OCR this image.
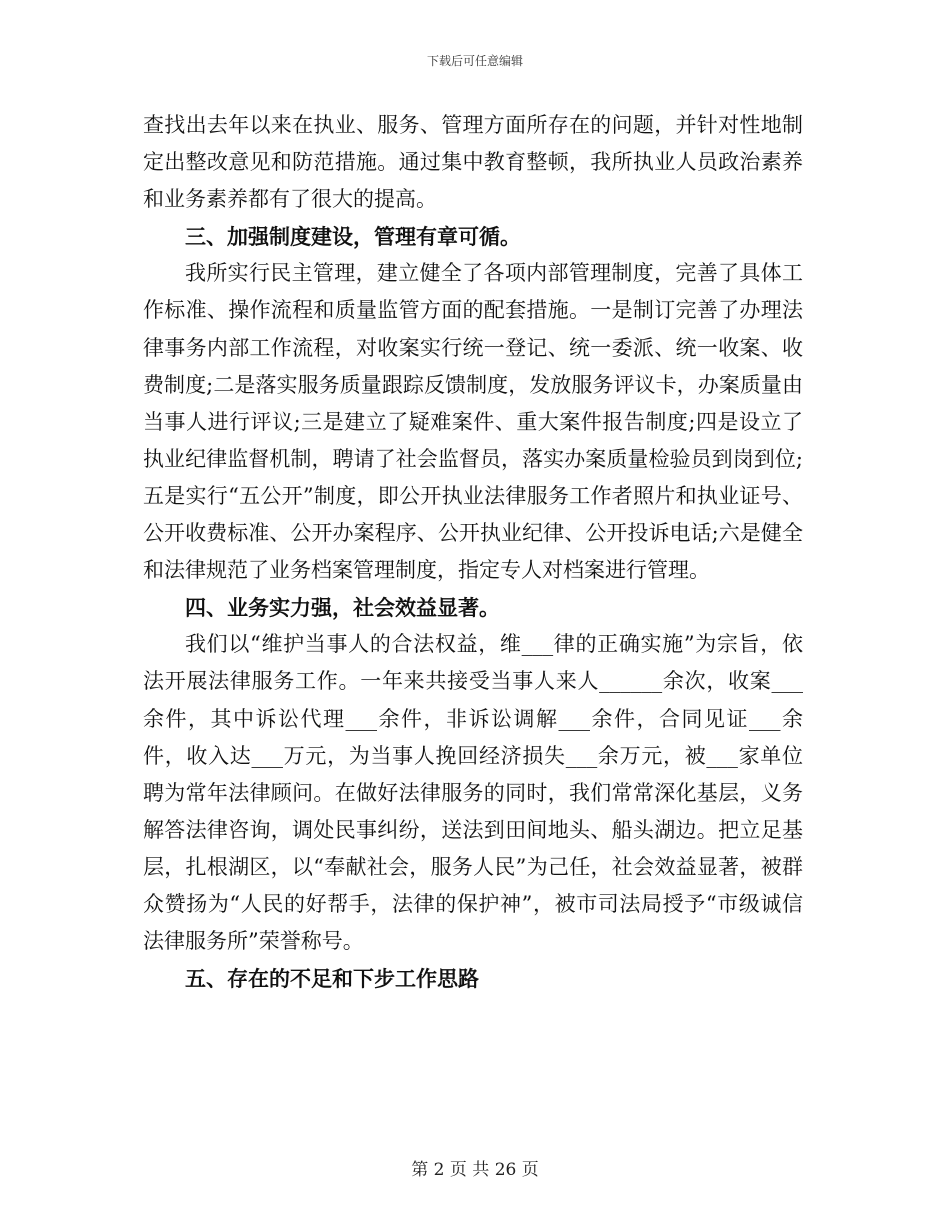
下载后可任意编辑

查找出去年以来在执业、服务、管理方面所存在的问题，并针对性地制定出整改意见和防范措施。通过集中教育整顿，我所执业人员政治素养和业务素养都有了很大的提高。

三、加强制度建设，管理有章可循。

我所实行民主管理，建立健全了各项内部管理制度，完善了具体工作标准、操作流程和质量监管方面的配套措施。一是制订完善了办理法律事务内部工作流程，对收案实行统一登记、统一委派、统一收案、收费制度;二是落实服务质量跟踪反馈制度，发放服务评议卡，办案质量由当事人进行评议;三是建立了疑难案件、重大案件报告制度;四是设立了执业纪律监督机制，聘请了社会监督员，落实办案质量检验员到岗到位;五是实行“五公开”制度，即公开执业法律服务工作者照片和执业证号、公开收费标准、公开办案程序、公开执业纪律、公开投诉电话;六是健全和法律规范了业务档案管理制度，指定专人对档案进行管理。

四、业务实力强，社会效益显著。

我们以“维护当事人的合法权益，维___律的正确实施”为宗旨，依法开展法律服务工作。一年来共接受当事人来人______余次，收案___余件，其中诉讼代理___余件，非诉讼调解___余件，合同见证___余件，收入达___万元，为当事人挽回经济损失___余万元，被___家单位聘为常年法律顾问。在做好法律服务的同时，我们常常深化基层，义务解答法律咨询，调处民事纠纷，送法到田间地头、船头湖边。把立足基层，扎根湖区，以“奉献社会，服务人民”为己任，社会效益显著，被群众赞扬为“人民的好帮手，法律的保护神”，被市司法局授予“市级诚信法律服务所”荣誉称号。

五、存在的不足和下步工作思路

第 2 页 共 26 页
